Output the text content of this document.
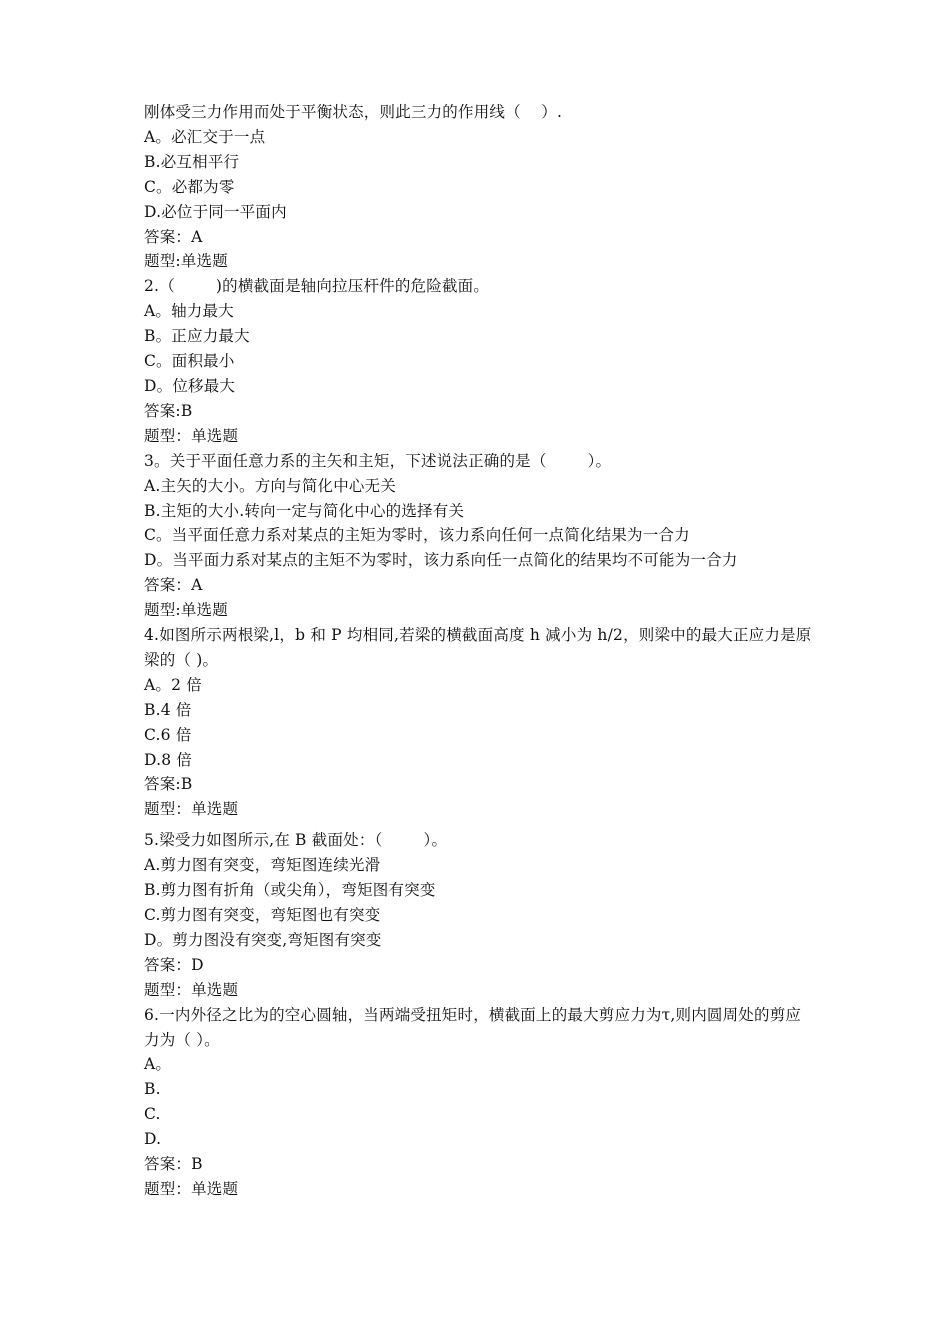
刚体受三力作用而处于平衡状态，则此三力的作用线（    ）.
A。必汇交于一点
B.必互相平行
C。必都为零
D.必位于同一平面内
答案：A
题型:单选题
2.（        )的横截面是轴向拉压杆件的危险截面。
A。轴力最大
B。正应力最大
C。面积最小
D。位移最大
答案:B
题型：单选题
3。关于平面任意力系的主矢和主矩，下述说法正确的是（        ）。
A.主矢的大小。方向与简化中心无关
B.主矩的大小.转向一定与简化中心的选择有关
C。当平面任意力系对某点的主矩为零时，该力系向任何一点简化结果为一合力
D。当平面力系对某点的主矩不为零时，该力系向任一点简化的结果均不可能为一合力
答案：A
题型:单选题
4.如图所示两根梁,l，b 和 P 均相同,若梁的横截面高度 h 减小为 h/2，则梁中的最大正应力是原梁的（ )。
A。2 倍
B.4 倍
C.6 倍
D.8 倍
答案:B
题型：单选题
5.梁受力如图所示,在 B 截面处：（        ）。
A.剪力图有突变，弯矩图连续光滑
B.剪力图有折角（或尖角），弯矩图有突变
C.剪力图有突变，弯矩图也有突变
D。剪力图没有突变,弯矩图有突变
答案：D
题型：单选题
6.一内外径之比为的空心圆轴，当两端受扭矩时，横截面上的最大剪应力为τ,则内圆周处的剪应力为（ ）。
A。
B.
C.
D.
答案：B
题型：单选题
